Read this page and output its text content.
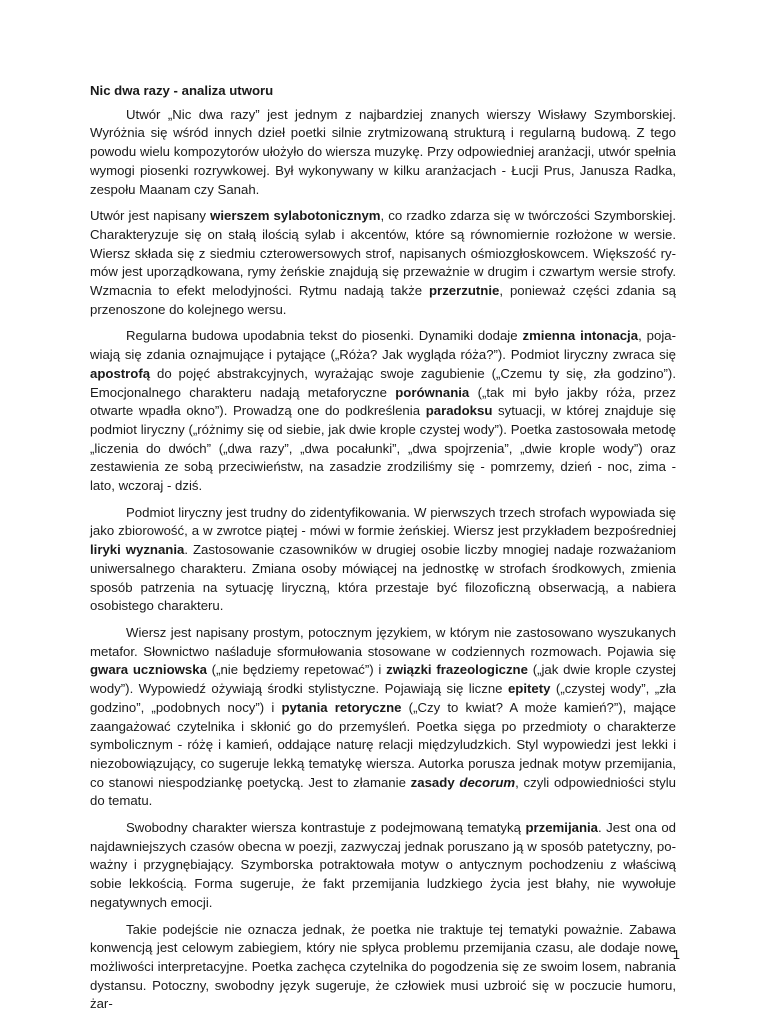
Nic dwa razy - analiza utworu

Utwór „Nic dwa razy” jest jednym z najbardziej znanych wierszy Wisławy Szymborskiej. Wyróżnia się wśród innych dzieł poetki silnie zrytmizowaną strukturą i regularną budową. Z tego powodu wielu kompozytorów ułożyło do wiersza muzykę. Przy odpowiedniej aranżacji, utwór spełnia wymogi piosenki rozrywkowej. Był wykonywany w kilku aranżacjach - Łucji Prus, Janusza Radka, zespołu Maanam czy Sanah.

Utwór jest napisany wierszem sylabotonicznym, co rzadko zdarza się w twórczości Szymborskiej. Charakteryzuje się on stałą ilością sylab i akcentów, które są równomiernie rozłożone w wersie. Wiersz składa się z siedmiu czterowersowych strof, napisanych ośmiozgłoskowcem. Większość rymów jest uporządkowana, rymy żeńskie znajdują się przeważnie w drugim i czwartym wersie strofy. Wzmacnia to efekt melodyjności. Rytmu nadają także przerzutnie, ponieważ części zdania są przenoszone do kolejnego wersu.

Regularna budowa upodabnia tekst do piosenki. Dynamiki dodaje zmienna intonacja, pojawiają się zdania oznajmujące i pytające („Róża? Jak wygląda róża?”). Podmiot liryczny zwraca się apostrofą do pojęć abstrakcyjnych, wyrażając swoje zagubienie („Czemu ty się, zła godzino”). Emocjonalnego charakteru nadają metaforyczne porównania („tak mi było jakby róża, przez otwarte wpadła okno”). Prowadzą one do podkreślenia paradoksu sytuacji, w której znajduje się podmiot liryczny („różnimy się od siebie, jak dwie krople czystej wody”). Poetka zastosowała metodę „liczenia do dwóch” („dwa razy”, „dwa pocałunki”, „dwa spojrzenia”, „dwie krople wody”) oraz zestawienia ze sobą przeciwieństw, na zasadzie zrodziliśmy się - pomrzemy, dzień - noc, zima - lato, wczoraj - dziś.

Podmiot liryczny jest trudny do zidentyfikowania. W pierwszych trzech strofach wypowiada się jako zbiorowość, a w zwrotce piątej - mówi w formie żeńskiej. Wiersz jest przykładem bezpośredniej liryki wyznania. Zastosowanie czasowników w drugiej osobie liczby mnogiej nadaje rozważaniom uniwersalnego charakteru. Zmiana osoby mówiącej na jednostkę w strofach środkowych, zmienia sposób patrzenia na sytuację liryczną, która przestaje być filozoficzną obserwacją, a nabiera osobistego charakteru.

Wiersz jest napisany prostym, potocznym językiem, w którym nie zastosowano wyszukanych metafor. Słownictwo naśladuje sformułowania stosowane w codziennych rozmowach. Pojawia się gwara uczniowska („nie będziemy repetować”) i związki frazeologiczne („jak dwie krople czystej wody”). Wypowiedź ożywiają środki stylistyczne. Pojawiają się liczne epitety („czystej wody”, „zła godzino”, „podobnych nocy”) i pytania retoryczne („Czy to kwiat? A może kamień?”), mające zaangażować czytelnika i skłonić go do przemyśleń. Poetka sięga po przedmioty o charakterze symbolicznym - różę i kamień, oddające naturę relacji międzyludzkich. Styl wypowiedzi jest lekki i niezobowiązujący, co sugeruje lekką tematykę wiersza. Autorka porusza jednak motyw przemijania, co stanowi niespodziankę poetycką. Jest to złamanie zasady decorum, czyli odpowiedniości stylu do tematu.

Swobodny charakter wiersza kontrastuje z podejmowaną tematyką przemijania. Jest ona od najdawniejszych czasów obecna w poezji, zazwyczaj jednak poruszano ją w sposób patetyczny, poważny i przygnębiający. Szymborska potraktowała motyw o antycznym pochodzeniu z właściwą sobie lekkością. Forma sugeruje, że fakt przemijania ludzkiego życia jest błahy, nie wywołuje negatywnych emocji.

Takie podejście nie oznacza jednak, że poetka nie traktuje tej tematyki poważnie. Zabawa konwencją jest celowym zabiegiem, który nie spłyca problemu przemijania czasu, ale dodaje nowe możliwości interpretacyjne. Poetka zachęca czytelnika do pogodzenia się ze swoim losem, nabrania dystansu. Potoczny, swobodny język sugeruje, że człowiek musi uzbroić się w poczucie humoru, żar-

1
